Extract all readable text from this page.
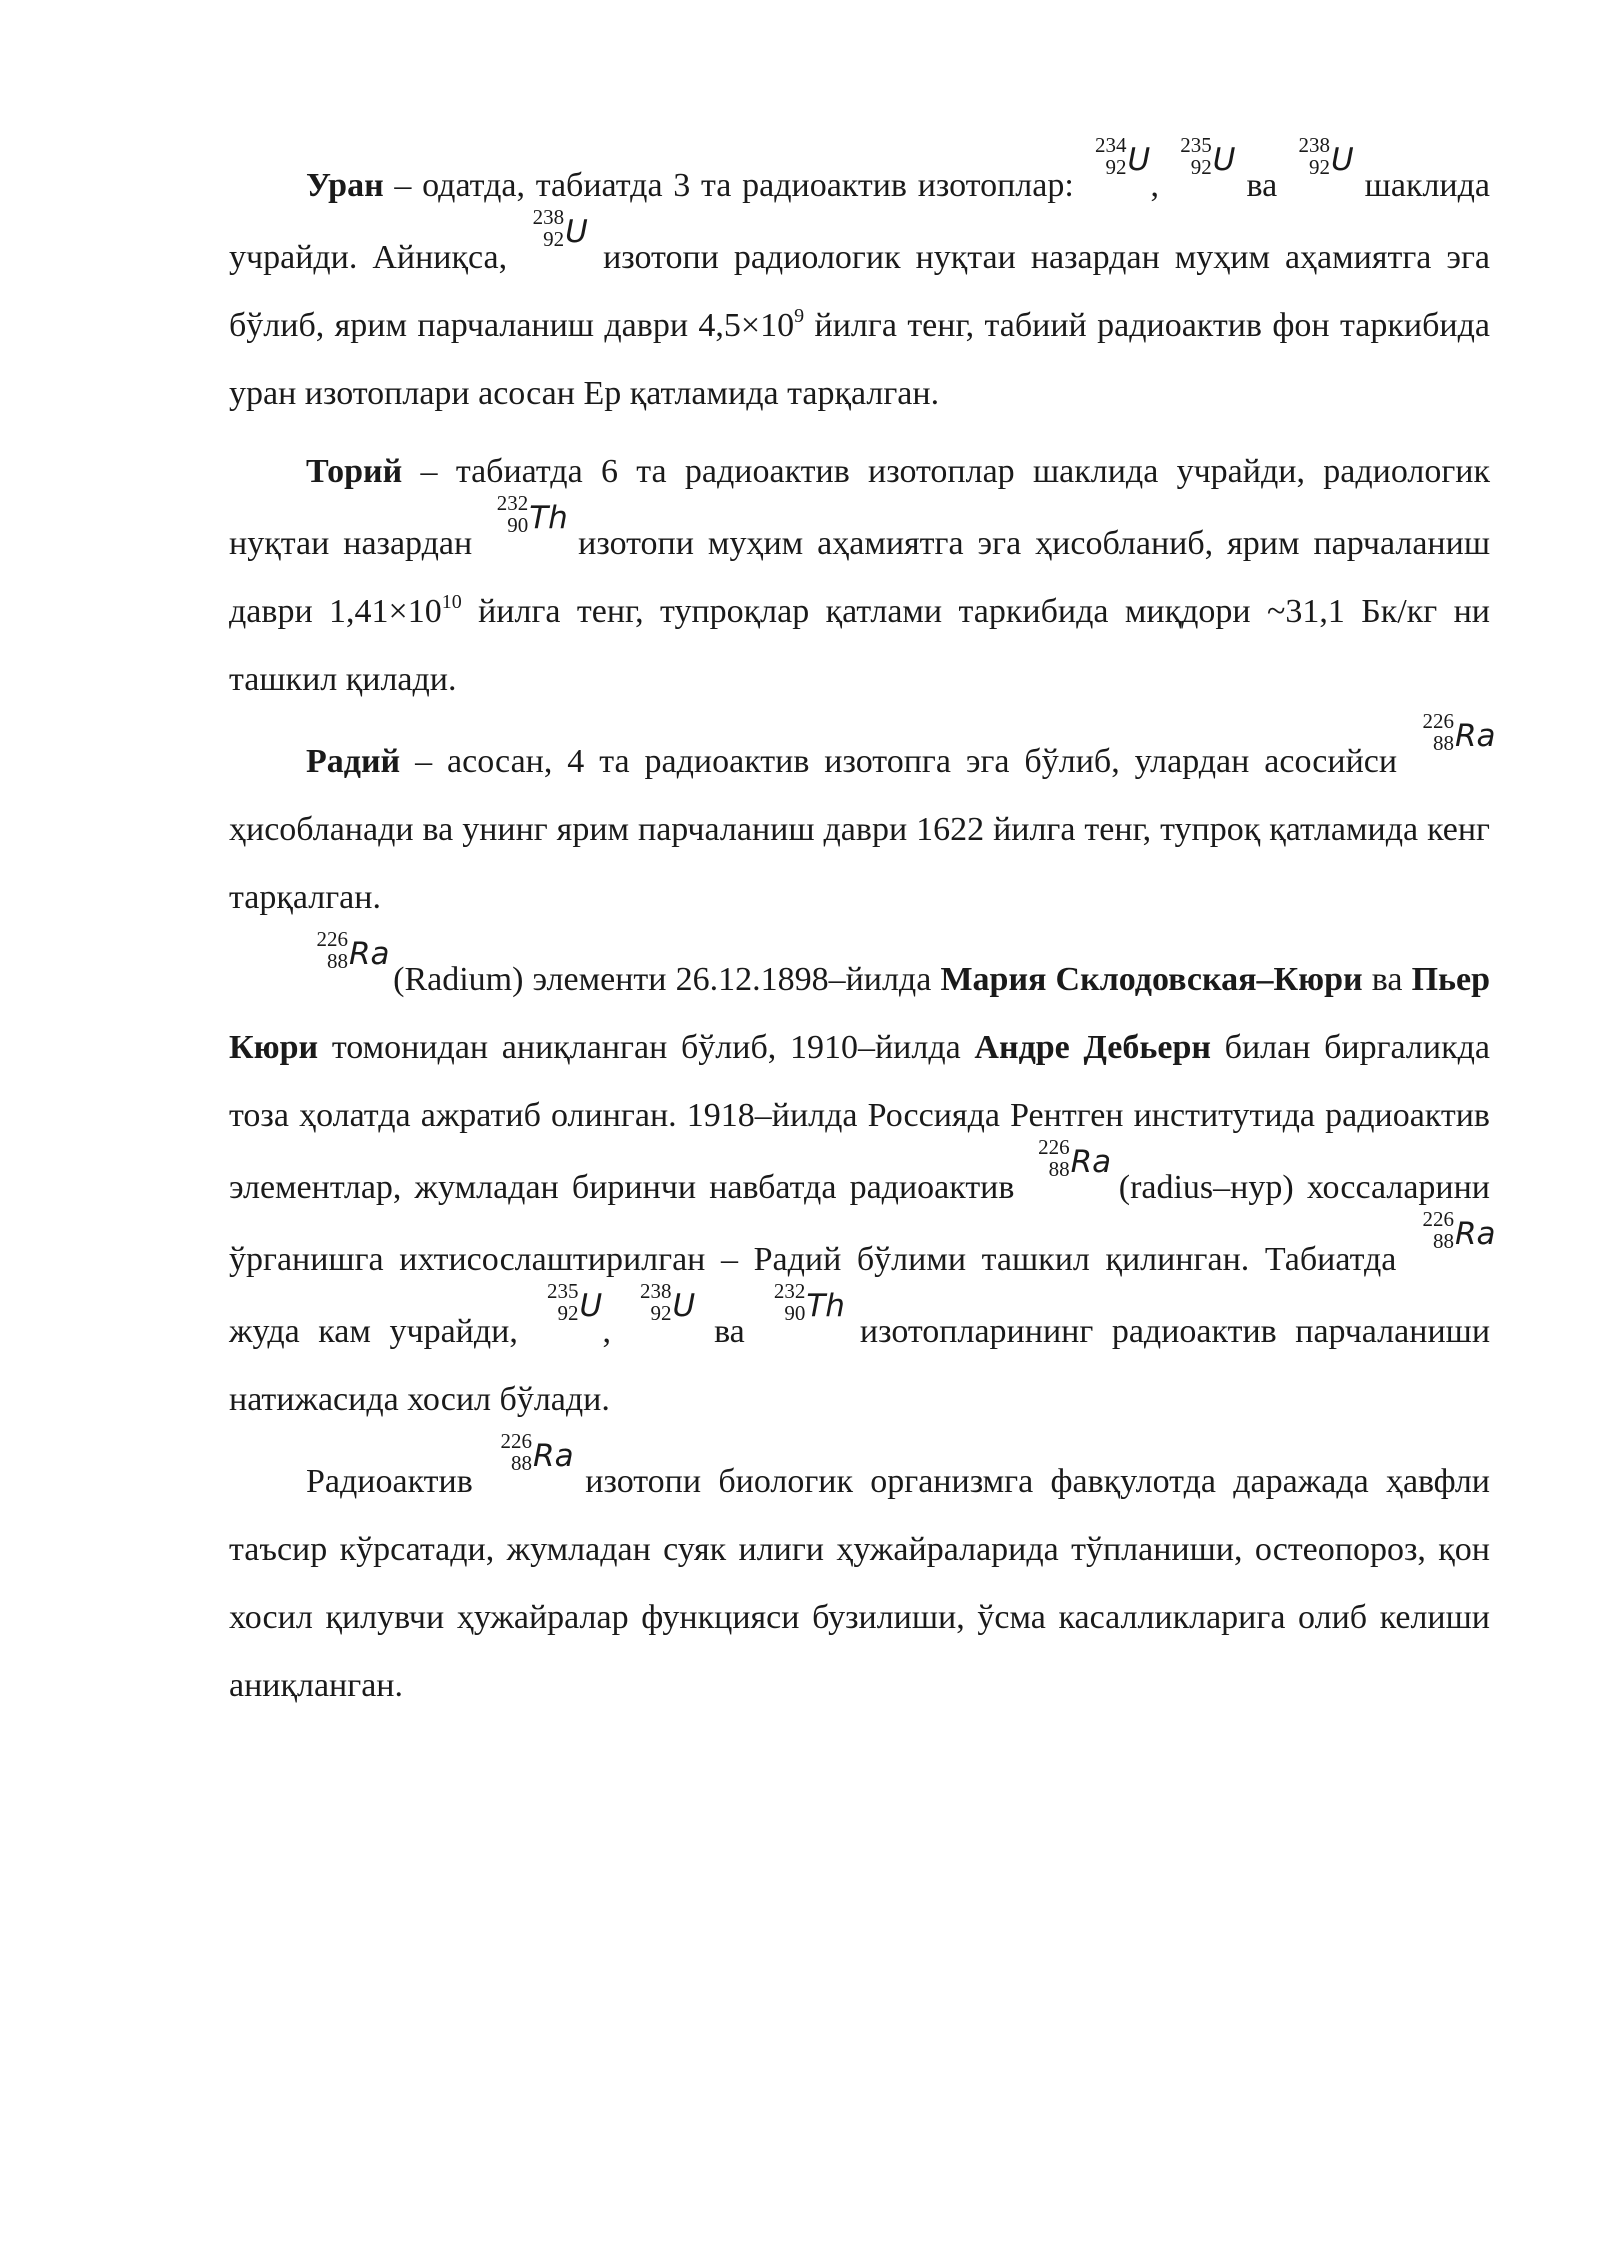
Уран – одатда, табиатда 3 та радиоактив изотоплар:
234
92 U
,
235
92 U
ва
238
92 U
шаклида учрайди. Айниқса,
238
92 U
изотопи радиологик нуқтаи назардан муҳим аҳамиятга эга бўлиб, ярим парчаланиш даври $4,5\times 10^9$ йилга тенг, табиий радиоактив фон таркибида уран изотоплари асосан Ер қатламида тарқалган.

Торий – табиатда 6 та радиоактив изотоплар шаклида учрайди, радиологик нуқтаи назардан
232
90 Th
изотопи муҳим аҳамиятга эга ҳисобланиб, ярим парчаланиш даври $1,41\times 10^{10}$ йилга тенг, тупроқлар қатлами таркибида миқдори ~31,1 Бк/кг ни ташкил қилади.

Радий – асосан, 4 та радиоактив изотопга эга бўлиб, улардан асосийси
226
88 Ra
ҳисобланади ва унинг ярим парчаланиш даври 1622 йилга тенг, тупроқ қатламида кенг тарқалган.

226
88 Ra
(Radium) элементи 26.12.1898–йилда Мария Склодовская–Кюри ва Пьер Кюри томонидан аниқланган бўлиб, 1910–йилда Андре Дебьерн билан биргаликда тоза ҳолатда ажратиб олинган. 1918–йилда Россияда Рентген институтида радиоактив элементлар, жумладан биринчи навбатда радиоактив
226
88 Ra
(radius–нур) хоссаларини ўрганишга ихтисослаштирилган – Радий бўлими ташкил қилинган. Табиатда
226
88 Ra
жуда кам учрайди,
235
92 U
,
238
92 U
ва
232
90 Th
изотопларининг радиоактив парчаланиши натижасида хосил бўлади.

Радиоактив
226
88 Ra
изотопи биологик организмга фавқулотда даражада ҳавфли таъсир кўрсатади, жумладан суяк илиги ҳужайраларида тўпланиши, остеопороз, қон хосил қилувчи ҳужайралар функцияси бузилиши, ўсма касалликларига олиб келиши аниқланган.
